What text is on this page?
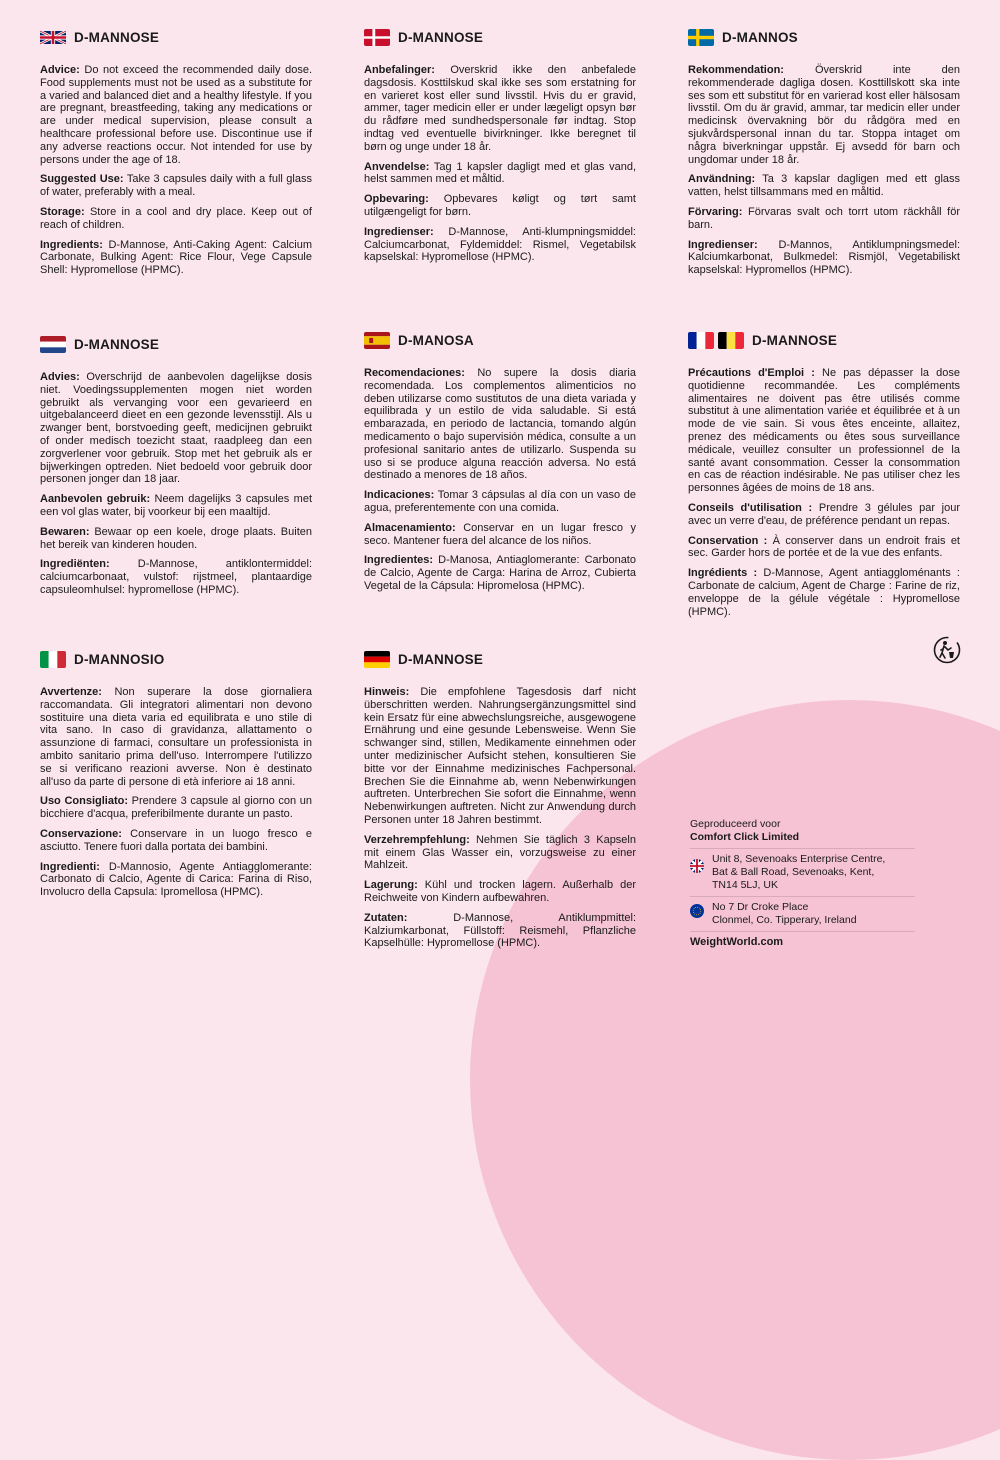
D-MANNOSE

Advice: Do not exceed the recommended daily dose. Food supplements must not be used as a substitute for a varied and balanced diet and a healthy lifestyle. If you are pregnant, breastfeeding, taking any medications or are under medical supervision, please consult a healthcare professional before use. Discontinue use if any adverse reactions occur. Not intended for use by persons under the age of 18.

Suggested Use: Take 3 capsules daily with a full glass of water, preferably with a meal.

Storage: Store in a cool and dry place. Keep out of reach of children.

Ingredients: D-Mannose, Anti-Caking Agent: Calcium Carbonate, Bulking Agent: Rice Flour, Vege Capsule Shell: Hypromellose (HPMC).

D-MANNOSE

Advies: Overschrijd de aanbevolen dagelijkse dosis niet. Voedingssupplementen mogen niet worden gebruikt als vervanging voor een gevarieerd en uitgebalanceerd dieet en een gezonde levensstijl. Als u zwanger bent, borstvoeding geeft, medicijnen gebruikt of onder medisch toezicht staat, raadpleeg dan een zorgverlener voor gebruik. Stop met het gebruik als er bijwerkingen optreden. Niet bedoeld voor gebruik door personen jonger dan 18 jaar.

Aanbevolen gebruik: Neem dagelijks 3 capsules met een vol glas water, bij voorkeur bij een maaltijd.

Bewaren: Bewaar op een koele, droge plaats. Buiten het bereik van kinderen houden.

Ingrediënten:	D-Mannose, antiklontermiddel: calciumcarbonaat, vulstof: rijstmeel, plantaardige capsuleomhulsel: hypromellose (HPMC).

D-MANNOSIO

Avvertenze: Non superare la dose giornaliera raccomandata. Gli integratori alimentari non devono sostituire una dieta varia ed equilibrata e uno stile di vita sano. In caso di gravidanza, allattamento o assunzione di farmaci, consultare un professionista in ambito sanitario prima dell'uso. Interrompere l'utilizzo se si verificano reazioni avverse. Non è destinato all'uso da parte di persone di età inferiore ai 18 anni.

Uso Consigliato: Prendere 3 capsule al giorno con un bicchiere d'acqua, preferibilmente durante un pasto.

Conservazione: Conservare in un luogo fresco e asciutto. Tenere fuori dalla portata dei bambini.

Ingredienti: D-Mannosio, Agente Antiagglomerante: Carbonato di Calcio, Agente di Carica: Farina di Riso, Involucro della Capsula: Ipromellosa (HPMC).

D-MANNOSE

Anbefalinger: Overskrid ikke den anbefalede dagsdosis. Kosttilskud skal ikke ses som erstatning for en varieret kost eller sund livsstil. Hvis du er gravid, ammer, tager medicin eller er under lægeligt opsyn bør du rådføre med sundhedspersonale før indtag. Stop indtag ved eventuelle bivirkninger. Ikke beregnet til børn og unge under 18 år.

Anvendelse: Tag 1 kapsler dagligt med et glas vand, helst sammen med et måltid.

Opbevaring: Opbevares køligt og tørt samt utilgængeligt for børn.

Ingredienser: D-Mannose, Anti-klumpningsmiddel: Calciumcarbonat, Fyldemiddel: Rismel, Vegetabilsk kapselskal: Hypromellose (HPMC).

D-MANOSA

Recomendaciones: No supere la dosis diaria recomendada. Los complementos alimenticios no deben utilizarse como sustitutos de una dieta variada y equilibrada y un estilo de vida saludable. Si está embarazada, en periodo de lactancia, tomando algún medicamento o bajo supervisión médica, consulte a un profesional sanitario antes de utilizarlo. Suspenda su uso si se produce alguna reacción adversa. No está destinado a menores de 18 años.

Indicaciones: Tomar 3 cápsulas al día con un vaso de agua, preferentemente con una comida.

Almacenamiento: Conservar en un lugar fresco y seco. Mantener fuera del alcance de los niños.

Ingredientes: D-Manosa, Antiaglomerante: Carbonato de Calcio, Agente de Carga: Harina de Arroz, Cubierta Vegetal de la Cápsula: Hipromelosa (HPMC).

D-MANNOSE

Hinweis: Die empfohlene Tagesdosis darf nicht überschritten werden. Nahrungsergänzungsmittel sind kein Ersatz für eine abwechslungsreiche, ausgewogene Ernährung und eine gesunde Lebensweise. Wenn Sie schwanger sind, stillen, Medikamente einnehmen oder unter medizinischer Aufsicht stehen, konsultieren Sie bitte vor der Einnahme medizinisches Fachpersonal. Brechen Sie die Einnahme ab, wenn Nebenwirkungen auftreten. Unterbrechen Sie sofort die Einnahme, wenn Nebenwirkungen auftreten. Nicht zur Anwendung durch Personen unter 18 Jahren bestimmt.

Verzehrempfehlung: Nehmen Sie täglich 3 Kapseln mit einem Glas Wasser ein, vorzugsweise zu einer Mahlzeit.

Lagerung: Kühl und trocken lagern. Außerhalb der Reichweite von Kindern aufbewahren.

Zutaten:	D-Mannose, Antiklumpmittel: Kalziumkarbonat, Füllstoff: Reismehl, Pflanzliche Kapselhülle: Hypromellose (HPMC).

D-MANNOS

Rekommendation:	Överskrid inte den rekommenderade dagliga dosen. Kosttillskott ska inte ses som ett substitut för en varierad kost eller hälsosam livsstil. Om du är gravid, ammar, tar medicin eller under medicinsk övervakning bör du rådgöra med en sjukvårdspersonal innan du tar. Stoppa intaget om några biverkningar uppstår. Ej avsedd för barn och ungdomar under 18 år.

Användning: Ta 3 kapslar dagligen med ett glass vatten, helst tillsammans med en måltid.

Förvaring: Förvaras svalt och torrt utom räckhåll för barn.

Ingredienser: D-Mannos, Antiklumpningsmedel: Kalciumkarbonat, Bulkmedel: Rismjöl, Vegetabiliskt kapselskal: Hypromellos (HPMC).

D-MANNOSE

Précautions d'Emploi : Ne pas dépasser la dose quotidienne recommandée. Les compléments alimentaires ne doivent pas être utilisés comme substitut à une alimentation variée et équilibrée et à un mode de vie sain. Si vous êtes enceinte, allaitez, prenez des médicaments ou êtes sous surveillance médicale, veuillez consulter un professionnel de la santé avant consommation. Cesser la consommation en cas de réaction indésirable. Ne pas utiliser chez les personnes âgées de moins de 18 ans.

Conseils d'utilisation : Prendre 3 gélules par jour avec un verre d'eau, de préférence pendant un repas.

Conservation : À conserver dans un endroit frais et sec. Garder hors de portée et de la vue des enfants.

Ingrédients : D-Mannose, Agent antiaggloménants : Carbonate de calcium, Agent de Charge : Farine de riz, enveloppe de la gélule végétale : Hypromellose (HPMC).

Geproduceerd voor
Comfort Click Limited
Unit 8, Sevenoaks Enterprise Centre,
Bat & Ball Road, Sevenoaks, Kent,
TN14 5LJ, UK
No 7 Dr Croke Place
Clonmel, Co. Tipperary, Ireland
WeightWorld.com
